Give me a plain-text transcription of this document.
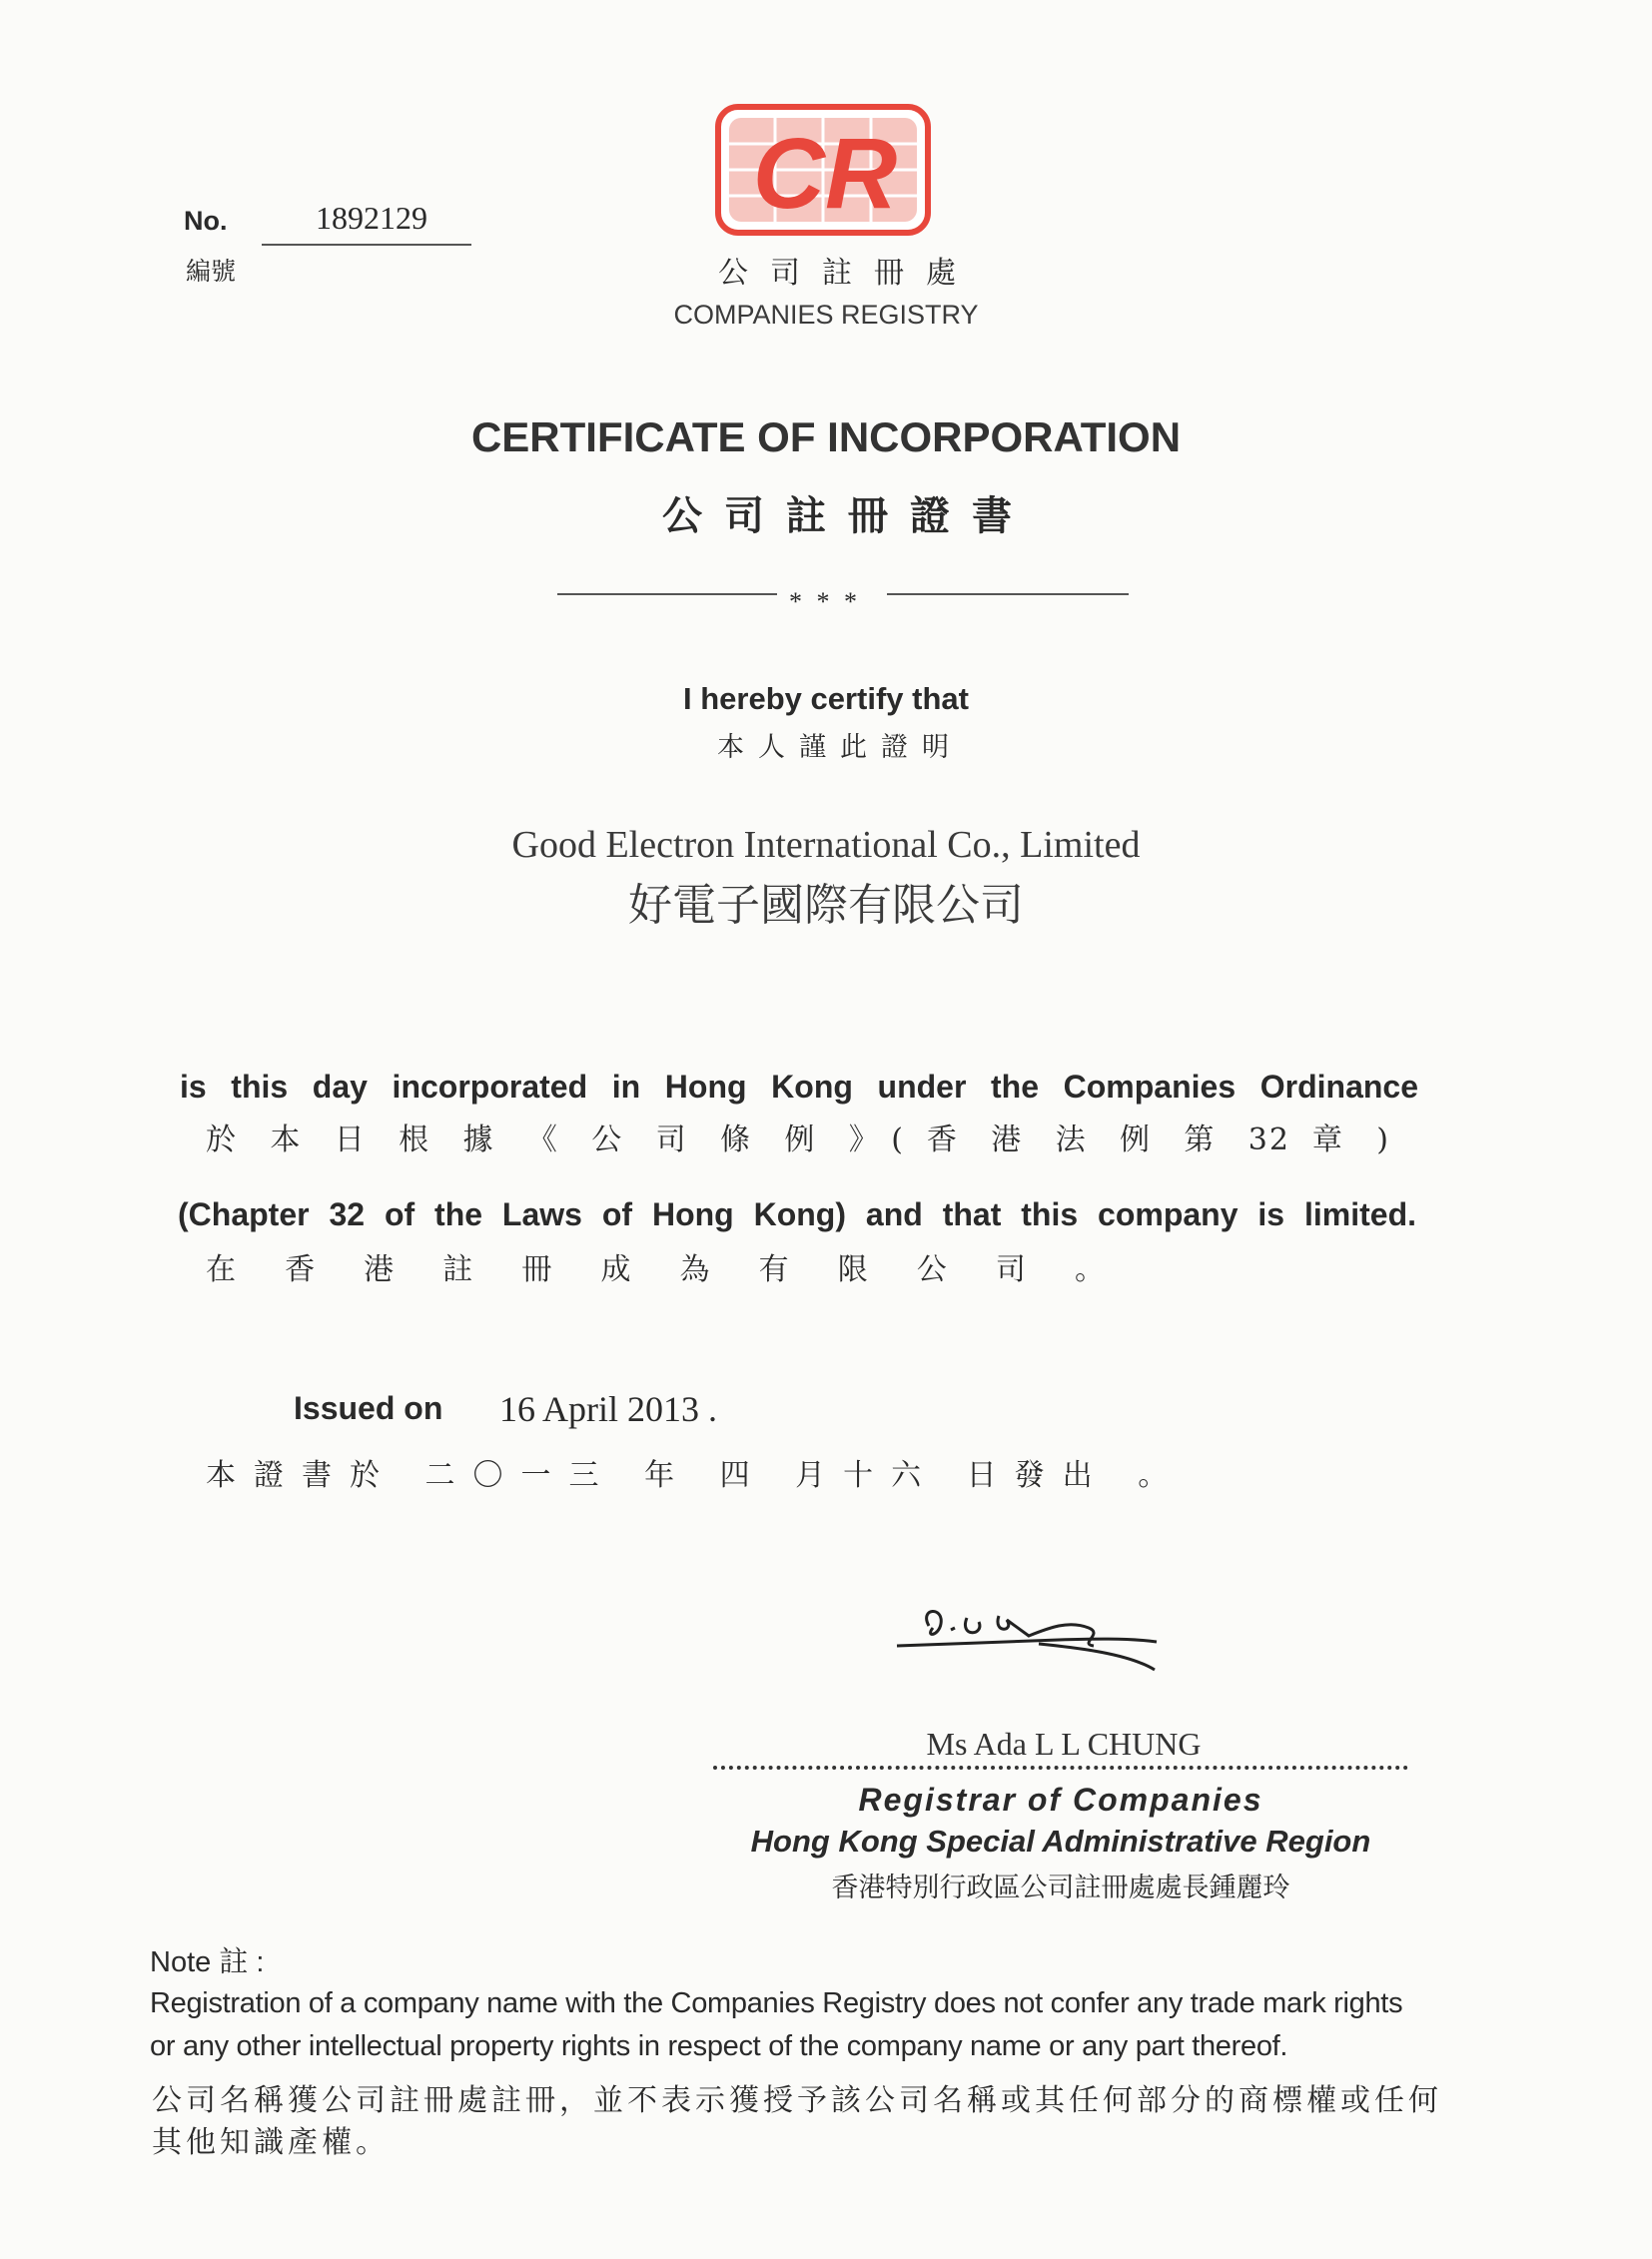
CR
公司註冊處
COMPANIES REGISTRY
No.	1892129
編號
CERTIFICATE OF INCORPORATION
公司註冊證書
* * *
I hereby certify that
本人謹此證明
Good Electron International Co., Limited
好電子國際有限公司
is this day incorporated in Hong Kong under the Companies Ordinance
於 本 日 根 據 《 公 司 條 例 》( 香 港 法 例 第 32 章 )
(Chapter 32 of the Laws of Hong Kong) and that this company is limited.
在 香 港 註 冊 成 為 有 限 公 司 。
Issued on 16 April 2013 .
本證書於 二〇一三 年 四 月十六 日發出 。
Ms Ada L L CHUNG
Registrar of Companies
Hong Kong Special Administrative Region
香港特別行政區公司註冊處處長鍾麗玲
Note 註 :
Registration of a company name with the Companies Registry does not confer any trade mark rights
or any other intellectual property rights in respect of the company name or any part thereof.
公司名稱獲公司註冊處註冊，並不表示獲授予該公司名稱或其任何部分的商標權或任何
其他知識產權。
